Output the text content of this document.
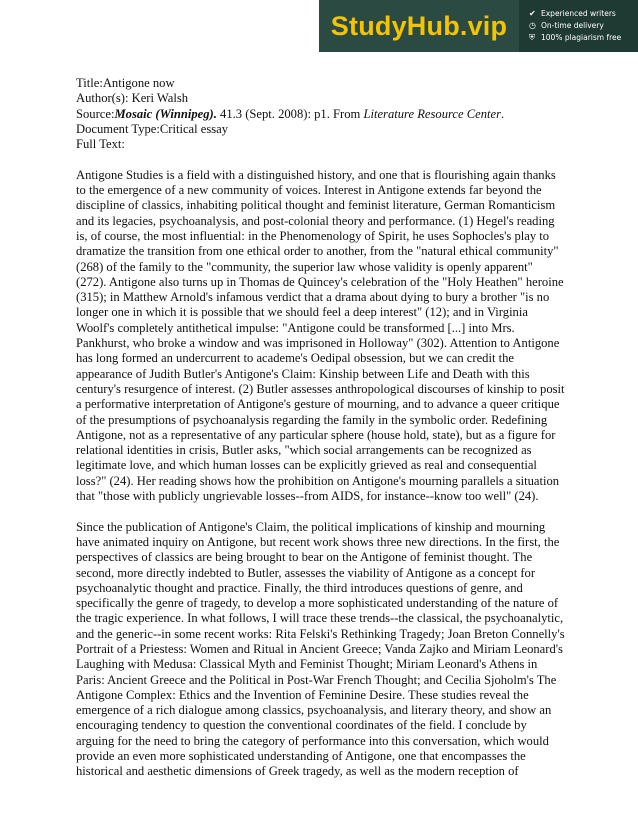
StudyHub.vip	✔ Experienced writers
◷ On-time delivery
⛨ 100% plagiarism free
Title:Antigone now
Author(s): Keri Walsh
Source:Mosaic (Winnipeg). 41.3 (Sept. 2008): p1. From Literature Resource Center.
Document Type:Critical essay
Full Text:
Antigone Studies is a field with a distinguished history, and one that is flourishing again thanks
to the emergence of a new community of voices. Interest in Antigone extends far beyond the
discipline of classics, inhabiting political thought and feminist literature, German Romanticism
and its legacies, psychoanalysis, and post-colonial theory and performance. (1) Hegel's reading
is, of course, the most influential: in the Phenomenology of Spirit, he uses Sophocles's play to
dramatize the transition from one ethical order to another, from the "natural ethical community"
(268) of the family to the "community, the superior law whose validity is openly apparent"
(272). Antigone also turns up in Thomas de Quincey's celebration of the "Holy Heathen" heroine
(315); in Matthew Arnold's infamous verdict that a drama about dying to bury a brother "is no
longer one in which it is possible that we should feel a deep interest" (12); and in Virginia
Woolf's completely antithetical impulse: "Antigone could be transformed [...] into Mrs.
Pankhurst, who broke a window and was imprisoned in Holloway" (302). Attention to Antigone
has long formed an undercurrent to academe's Oedipal obsession, but we can credit the
appearance of Judith Butler's Antigone's Claim: Kinship between Life and Death with this
century's resurgence of interest. (2) Butler assesses anthropological discourses of kinship to posit
a performative interpretation of Antigone's gesture of mourning, and to advance a queer critique
of the presumptions of psychoanalysis regarding the family in the symbolic order. Redefining
Antigone, not as a representative of any particular sphere (house hold, state), but as a figure for
relational identities in crisis, Butler asks, "which social arrangements can be recognized as
legitimate love, and which human losses can be explicitly grieved as real and consequential
loss?" (24). Her reading shows how the prohibition on Antigone's mourning parallels a situation
that "those with publicly ungrievable losses--from AIDS, for instance--know too well" (24).
Since the publication of Antigone's Claim, the political implications of kinship and mourning
have animated inquiry on Antigone, but recent work shows three new directions. In the first, the
perspectives of classics are being brought to bear on the Antigone of feminist thought. The
second, more directly indebted to Butler, assesses the viability of Antigone as a concept for
psychoanalytic thought and practice. Finally, the third introduces questions of genre, and
specifically the genre of tragedy, to develop a more sophisticated understanding of the nature of
the tragic experience. In what follows, I will trace these trends--the classical, the psychoanalytic,
and the generic--in some recent works: Rita Felski's Rethinking Tragedy; Joan Breton Connelly's
Portrait of a Priestess: Women and Ritual in Ancient Greece; Vanda Zajko and Miriam Leonard's
Laughing with Medusa: Classical Myth and Feminist Thought; Miriam Leonard's Athens in
Paris: Ancient Greece and the Political in Post-War French Thought; and Cecilia Sjoholm's The
Antigone Complex: Ethics and the Invention of Feminine Desire. These studies reveal the
emergence of a rich dialogue among classics, psychoanalysis, and literary theory, and show an
encouraging tendency to question the conventional coordinates of the field. I conclude by
arguing for the need to bring the category of performance into this conversation, which would
provide an even more sophisticated understanding of Antigone, one that encompasses the
historical and aesthetic dimensions of Greek tragedy, as well as the modern reception of
